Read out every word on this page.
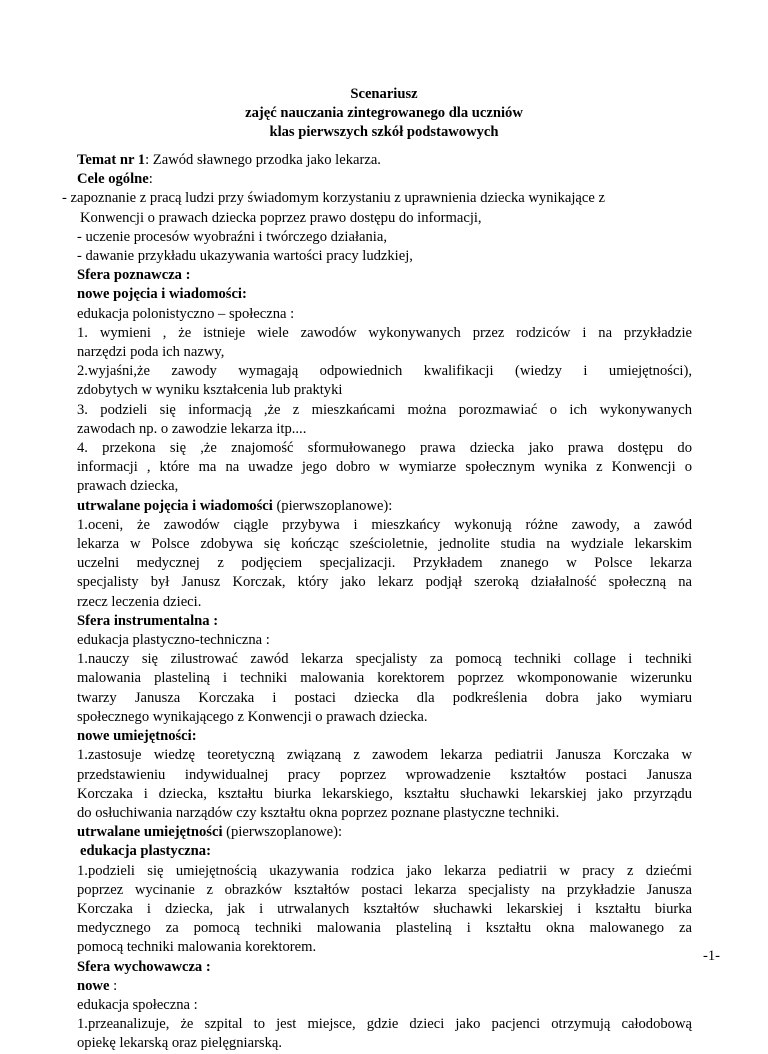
Scenariusz
zajęć nauczania zintegrowanego dla uczniów
klas pierwszych szkół podstawowych
Temat nr 1: Zawód sławnego przodka jako lekarza.
Cele ogólne:
- zapoznanie z pracą ludzi przy świadomym korzystaniu z uprawnienia dziecka wynikające z
Konwencji o prawach dziecka poprzez prawo dostępu do informacji,
- uczenie procesów wyobraźni i twórczego działania,
- dawanie przykładu ukazywania wartości pracy ludzkiej,
Sfera poznawcza :
nowe pojęcia i wiadomości:
edukacja polonistyczno – społeczna :
1. wymieni , że istnieje wiele zawodów wykonywanych przez rodziców i na przykładzie
narzędzi poda ich nazwy,
2.wyjaśni,że zawody wymagają odpowiednich kwalifikacji (wiedzy i umiejętności),
zdobytych w wyniku kształcenia lub praktyki
3. podzieli się informacją ,że z mieszkańcami można porozmawiać o ich wykonywanych
zawodach np. o zawodzie lekarza itp....
4. przekona się ,że znajomość sformułowanego prawa dziecka jako prawa dostępu do
informacji , które ma na uwadze jego dobro w wymiarze społecznym wynika z Konwencji o
prawach dziecka,
utrwalane pojęcia i wiadomości (pierwszoplanowe):
1.oceni, że zawodów ciągle przybywa i mieszkańcy wykonują różne zawody, a zawód
lekarza w Polsce zdobywa się kończąc sześcioletnie, jednolite studia na wydziale lekarskim
uczelni medycznej z podjęciem specjalizacji. Przykładem znanego w Polsce lekarza
specjalisty był Janusz Korczak, który jako lekarz podjął szeroką działalność społeczną na
rzecz leczenia dzieci.
Sfera instrumentalna :
edukacja plastyczno-techniczna :
1.nauczy się zilustrować zawód lekarza specjalisty za pomocą techniki collage i techniki
malowania plasteliną i techniki malowania korektorem poprzez wkomponowanie wizerunku
twarzy Janusza Korczaka i postaci dziecka dla podkreślenia dobra jako wymiaru
społecznego wynikającego z Konwencji o prawach dziecka.
nowe umiejętności:
1.zastosuje wiedzę teoretyczną związaną z zawodem lekarza pediatrii Janusza Korczaka w
przedstawieniu indywidualnej pracy poprzez wprowadzenie kształtów postaci Janusza
Korczaka i dziecka, kształtu biurka lekarskiego, kształtu słuchawki lekarskiej jako przyrządu
do osłuchiwania narządów czy kształtu okna poprzez poznane plastyczne techniki.
utrwalane umiejętności (pierwszoplanowe):
edukacja plastyczna:
1.podzieli się umiejętnością ukazywania rodzica jako lekarza pediatrii w pracy z dziećmi
poprzez wycinanie z obrazków kształtów postaci lekarza specjalisty na przykładzie Janusza
Korczaka i dziecka, jak i utrwalanych kształtów słuchawki lekarskiej i kształtu biurka
medycznego za pomocą techniki malowania plasteliną i kształtu okna malowanego za
pomocą techniki malowania korektorem.
Sfera wychowawcza :
nowe :
edukacja społeczna :
1.przeanalizuje, że szpital to jest miejsce, gdzie dzieci jako pacjenci otrzymują całodobową
opiekę lekarską oraz pielęgniarską.
-1-
